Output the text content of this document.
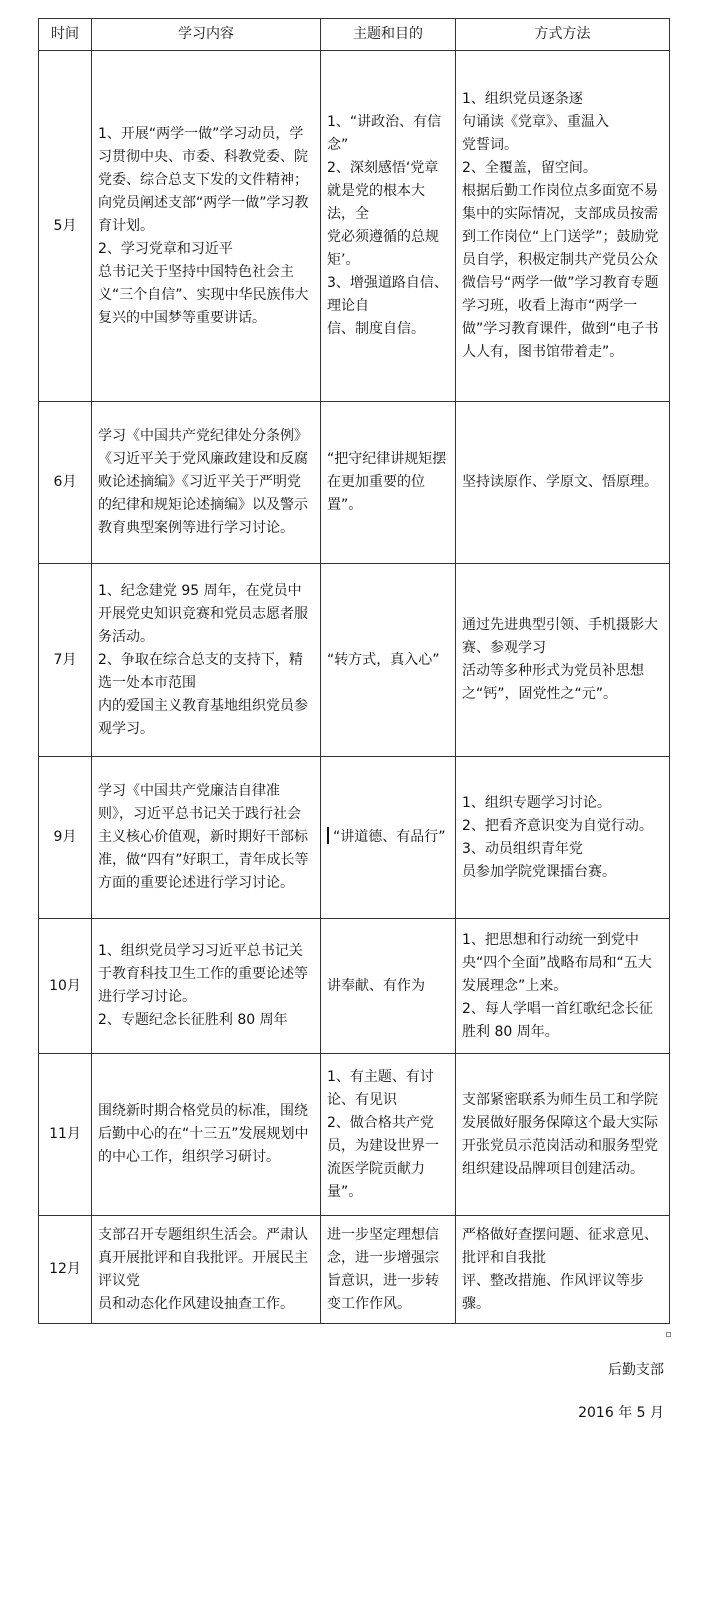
时间	学习内容	主题和目的	方式方法
5月	1、开展“两学一做”学习动员，学习贯彻中央、市委、科教党委、院党委、综合总支下发的文件精神；
向党员阐述支部“两学一做”学习教育计划。
2、学习党章和习近平
总书记关于坚持中国特色社会主义“三个自信”、实现中华民族伟大复兴的中国梦等重要讲话。	1、“讲政治、有信念”
2、深刻感悟‘党章就是党的根本大法，全
党必须遵循的总规矩’。
3、增强道路自信、理论自
信、制度自信。	1、组织党员逐条逐
句诵读《党章》、重温入
党誓词。
2、全覆盖，留空间。
根据后勤工作岗位点多面宽不易集中的实际情况，支部成员按需到工作岗位“上门送学”；鼓励党员自学，积极定制共产党员公众微信号“两学一做”学习教育专题学习班，收看上海市“两学一做”学习教育课件，做到“电子书人人有，图书馆带着走”。

6月	学习《中国共产党纪律处分条例》《习近平关于党风廉政建设和反腐败论述摘编》《习近平关于严明党的纪律和规矩论述摘编》以及警示教育典型案例等进行学习讨论。	“把守纪律讲规矩摆在更加重要的位置”。	坚持读原作、学原文、悟原理。

7月	1、纪念建党 95 周年，在党员中开展党史知识竞赛和党员志愿者服务活动。
2、争取在综合总支的支持下，精选一处本市范围
内的爱国主义教育基地组织党员参观学习。	“转方式，真入心”	通过先进典型引领、手机摄影大赛、参观学习
活动等多种形式为党员补思想之“钙”，固党性之“元”。

9月	学习《中国共产党廉洁自律准则》，习近平总书记关于践行社会主义核心价值观，新时期好干部标准，做“四有”好职工，青年成长等方面的重要论述进行学习讨论。	“讲道德、有品行”	1、组织专题学习讨论。
2、把看齐意识变为自觉行动。
3、动员组织青年党
员参加学院党课擂台赛。

10月	1、组织党员学习习近平总书记关于教育科技卫生工作的重要论述等进行学习讨论。
2、专题纪念长征胜利 80 周年	讲奉献、有作为	1、把思想和行动统一到党中央“四个全面”战略布局和“五大发展理念”上来。
2、每人学唱一首红歌纪念长征胜利 80 周年。

11月	围绕新时期合格党员的标准，围绕后勤中心的在“十三五”发展规划中的中心工作，组织学习研讨。	1、有主题、有讨论、有见识
2、做合格共产党员，为建设世界一流医学院贡献力量”。	支部紧密联系为师生员工和学院发展做好服务保障这个最大实际开张党员示范岗活动和服务型党组织建设品牌项目创建活动。

12月	支部召开专题组织生活会。严肃认真开展批评和自我批评。开展民主评议党
员和动态化作风建设抽查工作。	进一步坚定理想信念，进一步增强宗旨意识，进一步转变工作作风。	严格做好查摆问题、征求意见、批评和自我批
评、整改措施、作风评议等步骤。
后勤支部
2016 年 5 月
